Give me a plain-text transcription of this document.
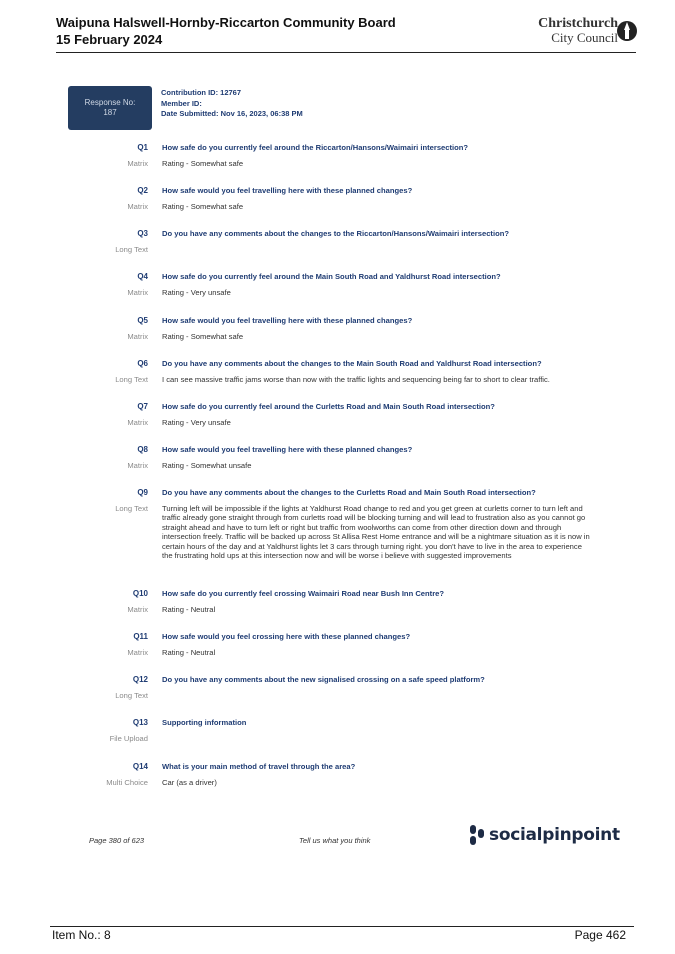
Waipuna Halswell-Hornby-Riccarton Community Board
15 February 2024
Christchurch
City Council
Response No:
187
Contribution ID: 12767
Member ID:
Date Submitted: Nov 16, 2023, 06:38 PM
Q1 How safe do you currently feel around the Riccarton/Hansons/Waimairi intersection?
Matrix Rating - Somewhat safe
Q2 How safe would you feel travelling here with these planned changes?
Matrix Rating - Somewhat safe
Q3 Do you have any comments about the changes to the Riccarton/Hansons/Waimairi intersection?
Long Text
Q4 How safe do you currently feel around the Main South Road and Yaldhurst Road intersection?
Matrix Rating - Very unsafe
Q5 How safe would you feel travelling here with these planned changes?
Matrix Rating - Somewhat safe
Q6 Do you have any comments about the changes to the Main South Road and Yaldhurst Road intersection?
Long Text I can see massive traffic jams worse than now with the traffic lights and sequencing being far to short to clear traffic.
Q7 How safe do you currently feel around the Curletts Road and Main South Road intersection?
Matrix Rating - Very unsafe
Q8 How safe would you feel travelling here with these planned changes?
Matrix Rating - Somewhat unsafe
Q9 Do you have any comments about the changes to the Curletts Road and Main South Road intersection?
Long Text Turning left will be impossible if the lights at Yaldhurst Road change to red and you get green at curletts corner to turn left and traffic already gone straight through from curletts road will be blocking turning and will lead to frustration also as you cannot go straight ahead and have to turn left or right but traffic from woolworths can come from other direction down and through intersection freely. Traffic will be backed up across St Allisa Rest Home entrance and will be a nightmare situation as it is now in certain hours of the day and at Yaldhurst lights let 3 cars through turning right. you don't have to live in the area to experience the frustrating hold ups at this intersection now and will be worse i believe with suggested improvements
Q10 How safe do you currently feel crossing Waimairi Road near Bush Inn Centre?
Matrix Rating - Neutral
Q11 How safe would you feel crossing here with these planned changes?
Matrix Rating - Neutral
Q12 Do you have any comments about the new signalised crossing on a safe speed platform?
Long Text
Q13 Supporting information
File Upload
Q14 What is your main method of travel through the area?
Multi Choice Car (as a driver)
Page 380 of 623	Tell us what you think	socialpinpoint
Item No.: 8	Page 462
